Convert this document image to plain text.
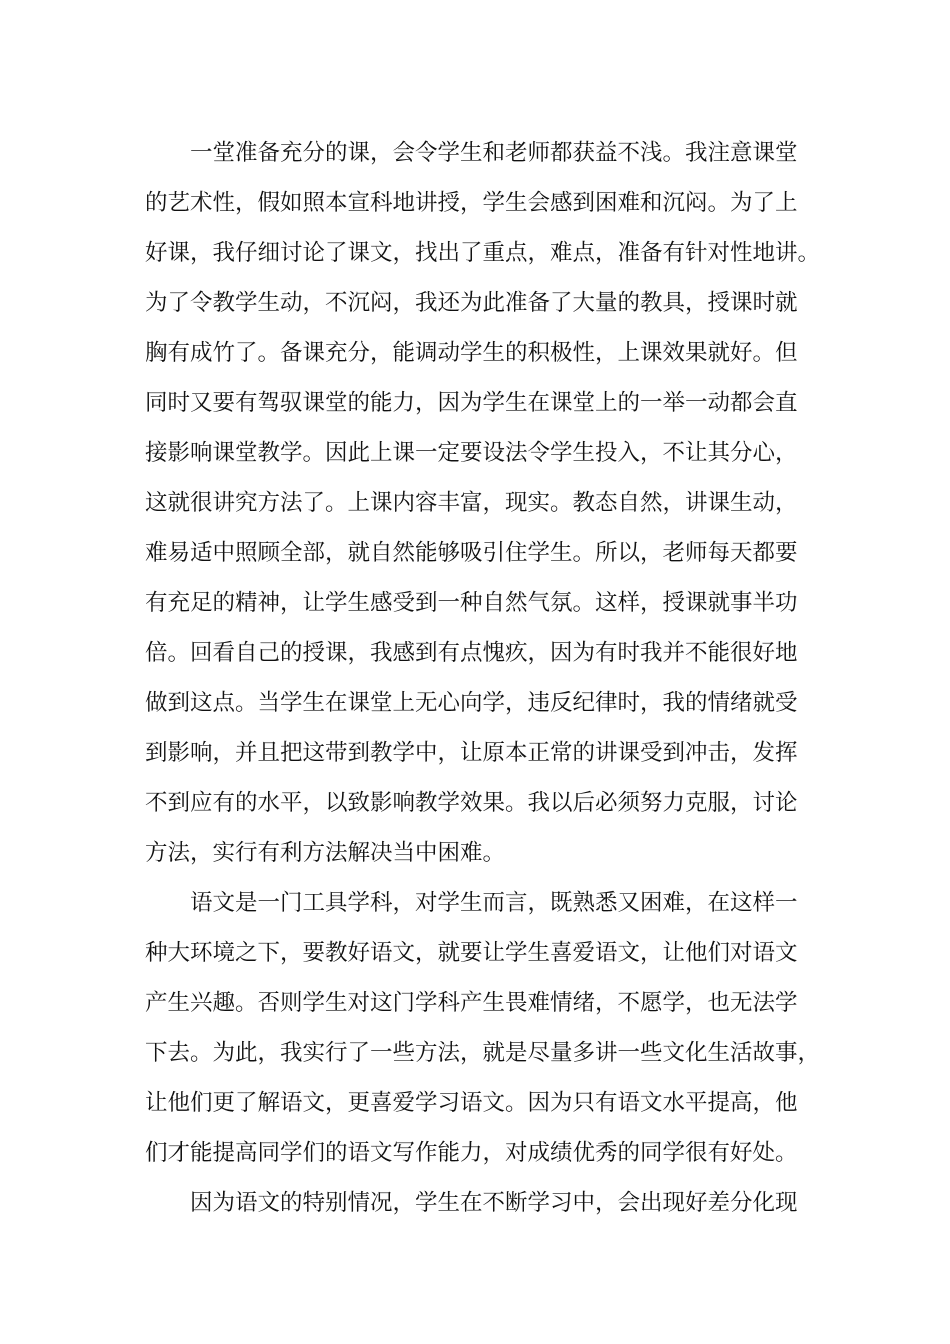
一堂准备充分的课，会令学生和老师都获益不浅。我注意课堂
的艺术性，假如照本宣科地讲授，学生会感到困难和沉闷。为了上
好课，我仔细讨论了课文，找出了重点，难点，准备有针对性地讲。
为了令教学生动，不沉闷，我还为此准备了大量的教具，授课时就
胸有成竹了。备课充分，能调动学生的积极性，上课效果就好。但
同时又要有驾驭课堂的能力，因为学生在课堂上的一举一动都会直
接影响课堂教学。因此上课一定要设法令学生投入，不让其分心，
这就很讲究方法了。上课内容丰富，现实。教态自然，讲课生动，
难易适中照顾全部，就自然能够吸引住学生。所以，老师每天都要
有充足的精神，让学生感受到一种自然气氛。这样，授课就事半功
倍。回看自己的授课，我感到有点愧疚，因为有时我并不能很好地
做到这点。当学生在课堂上无心向学，违反纪律时，我的情绪就受
到影响，并且把这带到教学中，让原本正常的讲课受到冲击，发挥
不到应有的水平，以致影响教学效果。我以后必须努力克服，讨论
方法，实行有利方法解决当中困难。
语文是一门工具学科，对学生而言，既熟悉又困难，在这样一
种大环境之下，要教好语文，就要让学生喜爱语文，让他们对语文
产生兴趣。否则学生对这门学科产生畏难情绪，不愿学，也无法学
下去。为此，我实行了一些方法，就是尽量多讲一些文化生活故事，
让他们更了解语文，更喜爱学习语文。因为只有语文水平提高，他
们才能提高同学们的语文写作能力，对成绩优秀的同学很有好处。
因为语文的特别情况，学生在不断学习中，会出现好差分化现
